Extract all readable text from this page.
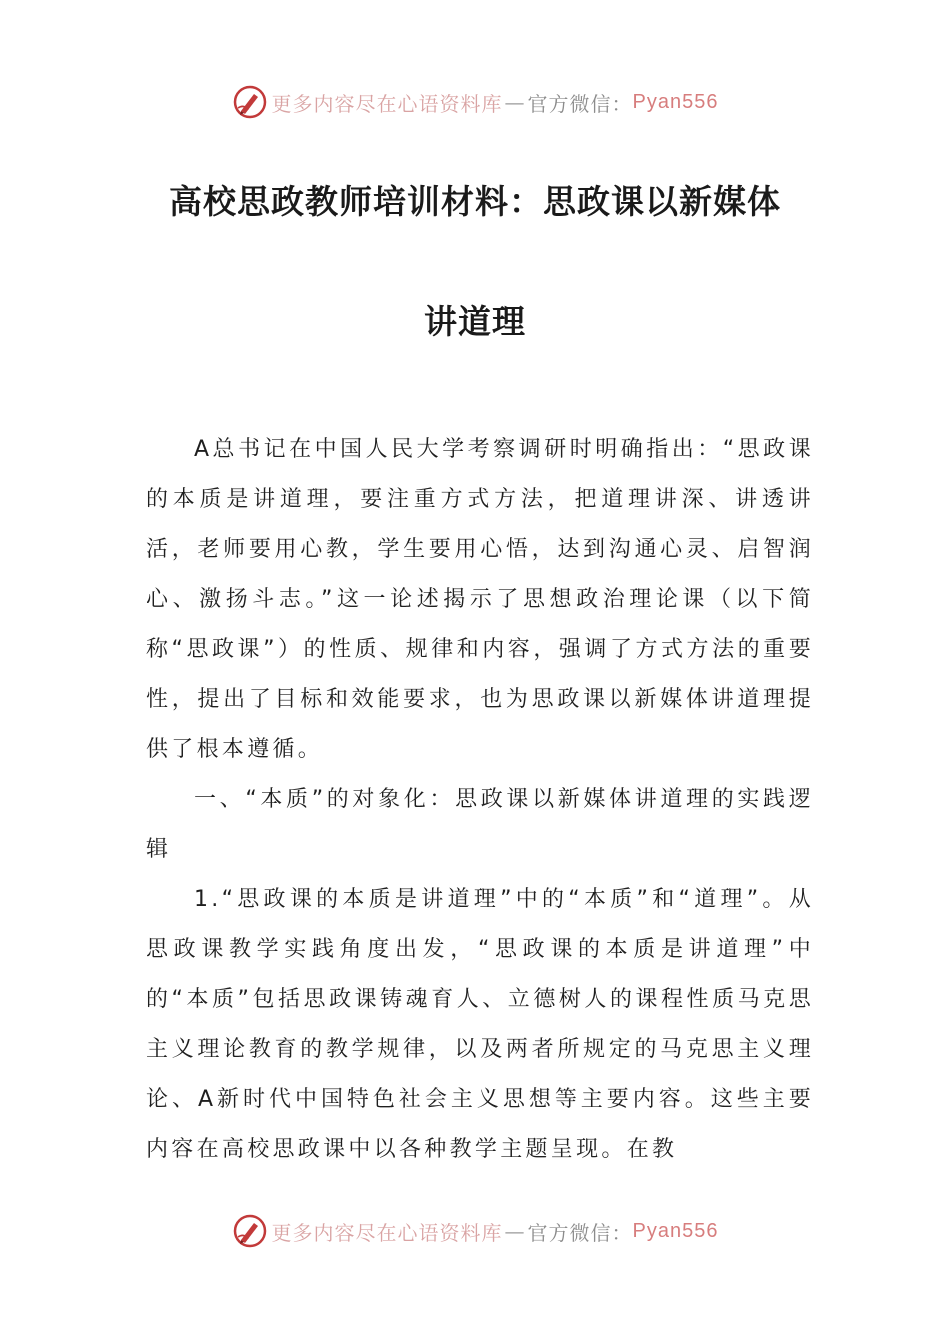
更多内容尽在心语资料库 — 官方微信： Pyan556
高校思政教师培训材料：思政课以新媒体
讲道理

A总书记在中国人民大学考察调研时明确指出：“思政课的本质是讲道理，要注重方式方法，把道理讲深、讲透讲活，老师要用心教，学生要用心悟，达到沟通心灵、启智润心、激扬斗志。”这一论述揭示了思想政治理论课（以下简称“思政课”）的性质、规律和内容，强调了方式方法的重要性，提出了目标和效能要求，也为思政课以新媒体讲道理提供了根本遵循。

一、“本质”的对象化：思政课以新媒体讲道理的实践逻辑

1.“思政课的本质是讲道理”中的“本质”和“道理”。从思政课教学实践角度出发，“思政课的本质是讲道理”中的“本质”包括思政课铸魂育人、立德树人的课程性质马克思主义理论教育的教学规律，以及两者所规定的马克思主义理论、A新时代中国特色社会主义思想等主要内容。这些主要内容在高校思政课中以各种教学主题呈现。在教

更多内容尽在心语资料库 — 官方微信： Pyan556
